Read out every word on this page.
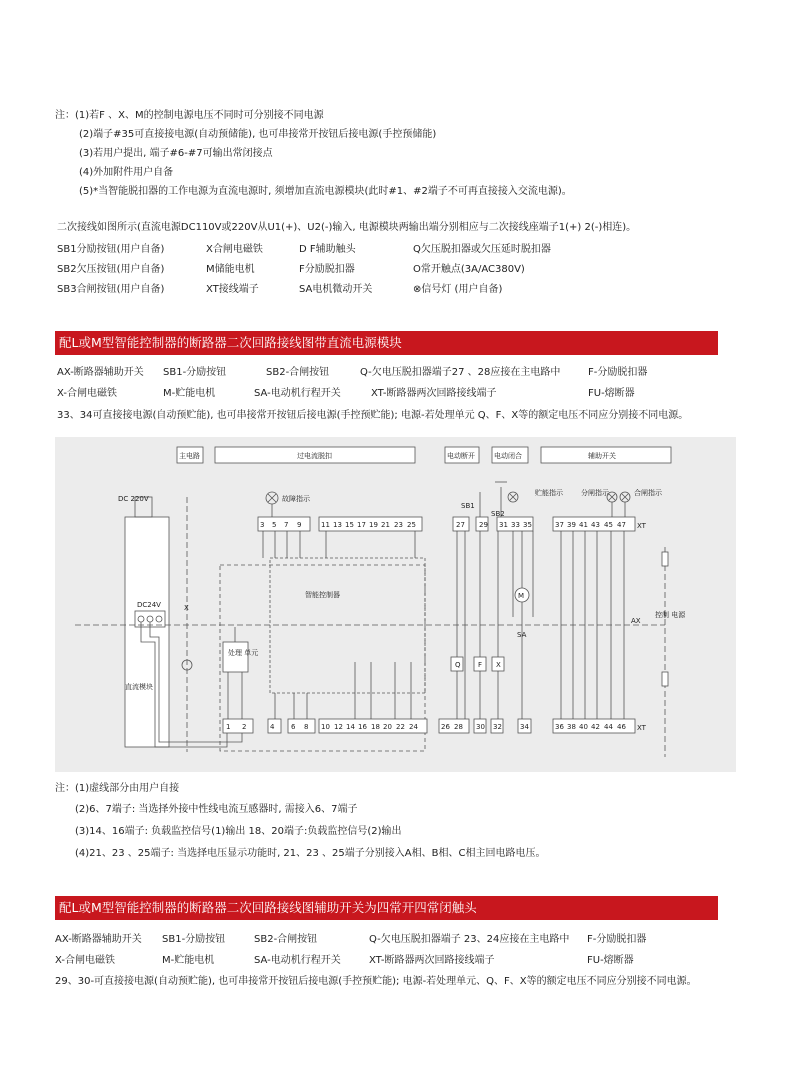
注：(1)若F 、X、M的控制电源电压不同时可分别接不同电源
(2)端子#35可直接接电源(自动预储能), 也可串接常开按钮后接电源(手控预储能)
(3)若用户提出, 端子#6-#7可输出常闭接点
(4)外加附件用户自备
(5)*当智能脱扣器的工作电源为直流电源时, 须增加直流电源模块(此时#1、#2端子不可再直接接入交流电源)。
二次接线如图所示(直流电源DC110V或220V从U1(+)、U2(-)输入, 电源模块两输出端分别相应与二次接线座端子1(+) 2(-)相连)。
SB1分励按钮(用户自备)	X合闸电磁铁	D F辅助触头	Q欠压脱扣器或欠压延时脱扣器
SB2欠压按钮(用户自备)	M储能电机	F分励脱扣器	O常开触点(3A/AC380V)
SB3合闸按钮(用户自备)	XT接线端子	SA电机微动开关	⊗信号灯 (用户自备)
配L或M型智能控制器的断路器二次回路接线图带直流电源模块
AX-断路器辅助开关 SB1-分励按钮	SB2-合闸按钮	Q-欠电压脱扣器端子27 、28应接在主电路中	F-分励脱扣器
X-合闸电磁铁	M-贮能电机	SA-电动机行程开关	XT-断路器两次回路接线端子	FU-熔断器
33、34可直接接电源(自动预贮能), 也可串接常开按钮后接电源(手控预贮能); 电源-若处理单元 Q、F、X等的额定电压不同应分别接不同电源。
主电路	过电流脱扣	电动断开	电动闭合	辅助开关
DC 220V
DC24V
直流模块
X
故障指示
贮能指示	分闸指示	合闸指示
智能控制器
处理 单元
XT
XT
AX
Q F X
M
SA
SB1
SB2
控制 电源
3 5 7 9	11 13 15 17 19 21 23 25	27 29 31 33 35	37 39 41 43 45 47
1 2	4 6 8 10 12 14 16 18 20 22 24	26 28 30 32	34	36 38 40 42 44 46
注：(1)虚线部分由用户自接
(2)6、7端子: 当选择外接中性线电流互感器时, 需接入6、7端子
(3)14、16端子: 负载监控信号(1)输出 18、20端子:负载监控信号(2)输出
(4)21、23 、25端子: 当选择电压显示功能时, 21、23 、25端子分别接入A相、B相、C相主回电路电压。
配L或M型智能控制器的断路器二次回路接线图辅助开关为四常开四常闭触头
AX-断路器辅助开关 SB1-分励按钮	SB2-合闸按钮	Q-欠电压脱扣器端子 23、24应接在主电路中 F-分励脱扣器
X-合闸电磁铁	M-贮能电机	SA-电动机行程开关	XT-断路器两次回路接线端子	FU-熔断器
29、30-可直接接电源(自动预贮能), 也可串接常开按钮后接电源(手控预贮能); 电源-若处理单元、Q、F、X等的额定电压不同应分别接不同电源。
